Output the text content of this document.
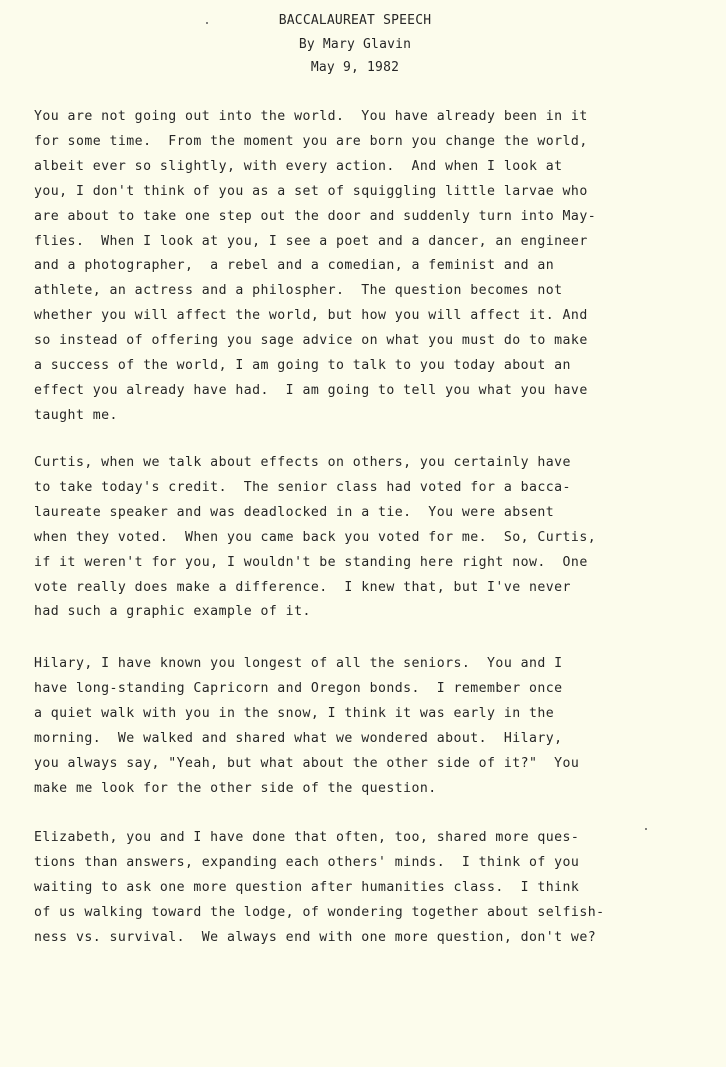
BACCALAUREAT SPEECH
By Mary Glavin
May 9, 1982
You are not going out into the world.  You have already been in it
for some time.  From the moment you are born you change the world,
albeit ever so slightly, with every action.  And when I look at
you, I don't think of you as a set of squiggling little larvae who
are about to take one step out the door and suddenly turn into May-
flies.  When I look at you, I see a poet and a dancer, an engineer
and a photographer,  a rebel and a comedian, a feminist and an
athlete, an actress and a philospher.  The question becomes not
whether you will affect the world, but how you will affect it. And
so instead of offering you sage advice on what you must do to make
a success of the world, I am going to talk to you today about an
effect you already have had.  I am going to tell you what you have
taught me.
Curtis, when we talk about effects on others, you certainly have
to take today's credit.  The senior class had voted for a bacca-
laureate speaker and was deadlocked in a tie.  You were absent
when they voted.  When you came back you voted for me.  So, Curtis,
if it weren't for you, I wouldn't be standing here right now.  One
vote really does make a difference.  I knew that, but I've never
had such a graphic example of it.
Hilary, I have known you longest of all the seniors.  You and I
have long-standing Capricorn and Oregon bonds.  I remember once
a quiet walk with you in the snow, I think it was early in the
morning.  We walked and shared what we wondered about.  Hilary,
you always say, "Yeah, but what about the other side of it?"  You
make me look for the other side of the question.
Elizabeth, you and I have done that often, too, shared more ques-
tions than answers, expanding each others' minds.  I think of you
waiting to ask one more question after humanities class.  I think
of us walking toward the lodge, of wondering together about selfish-
ness vs. survival.  We always end with one more question, don't we?
